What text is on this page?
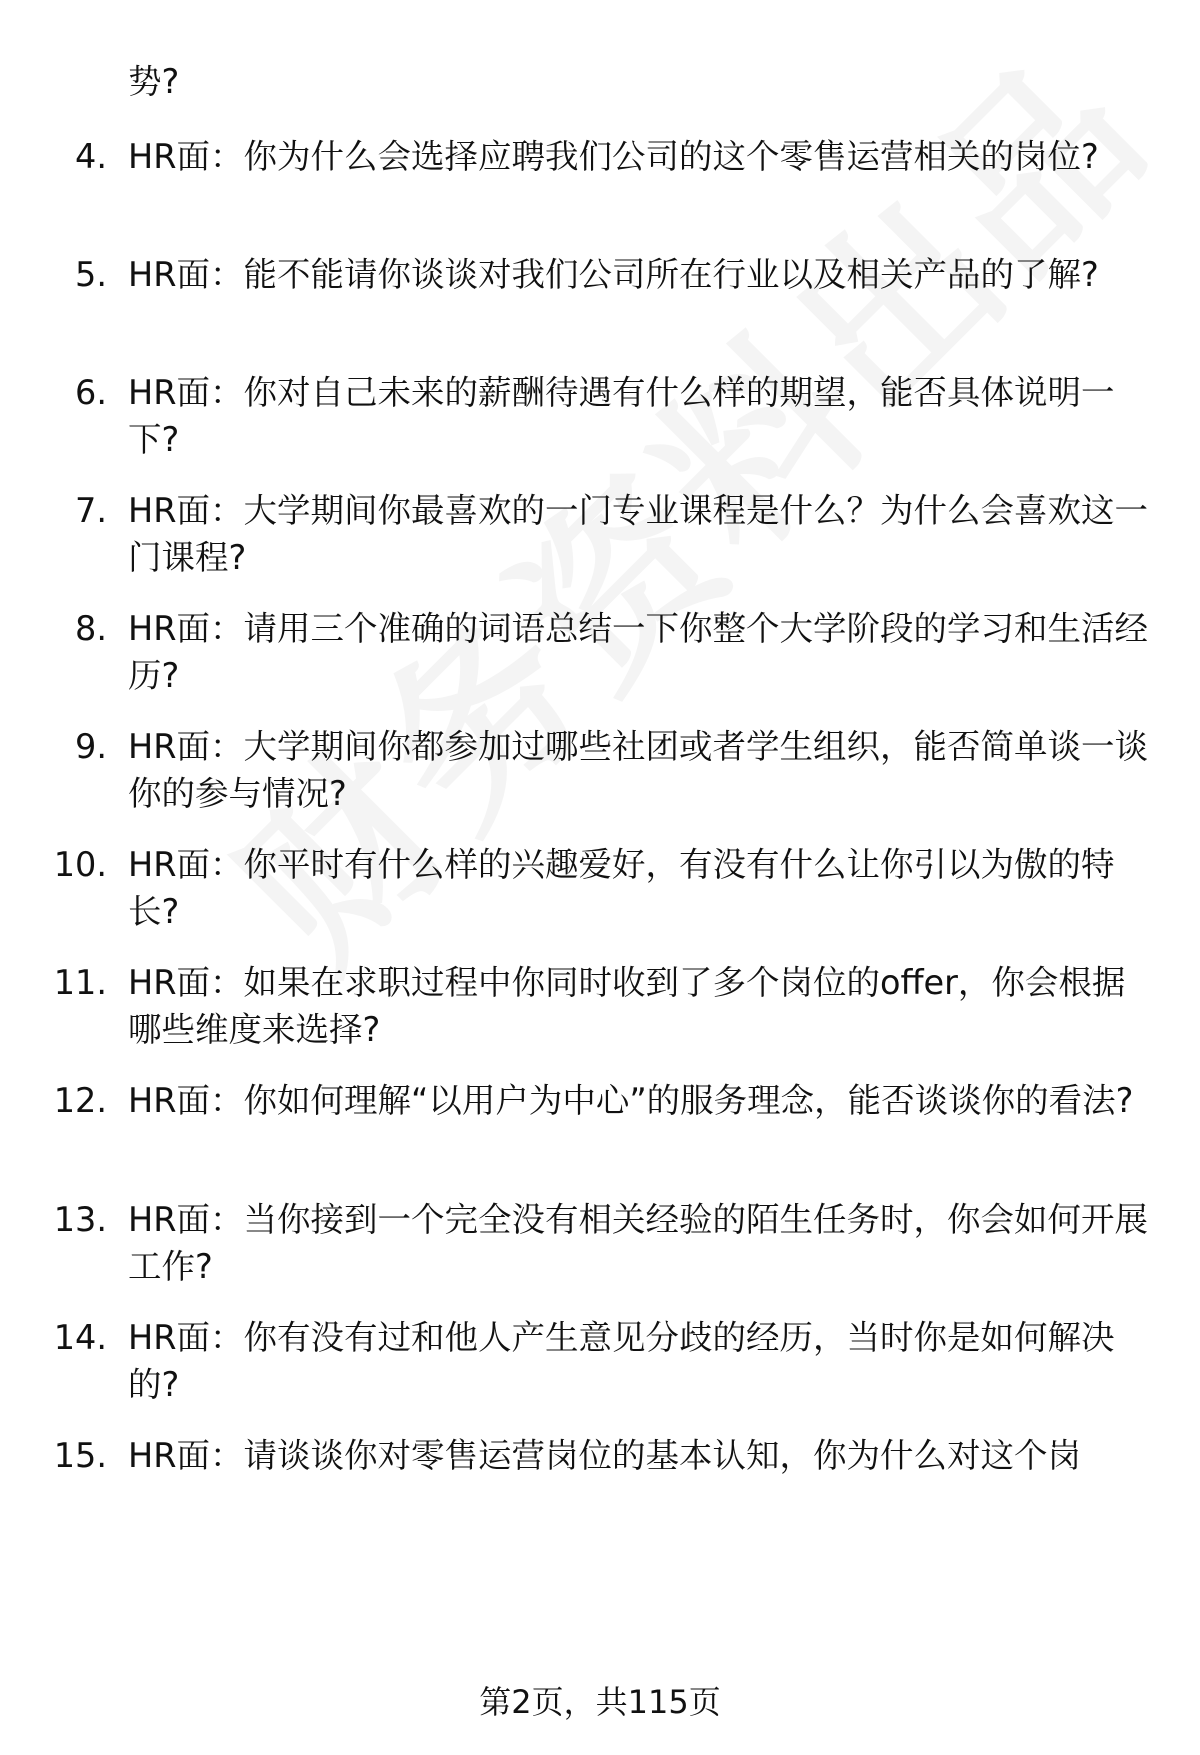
势?
4. HR面：你为什么会选择应聘我们公司的这个零售运营相关的岗位?
5. HR面：能不能请你谈谈对我们公司所在行业以及相关产品的了解?
6. HR面：你对自己未来的薪酬待遇有什么样的期望，能否具体说明一下?
7. HR面：大学期间你最喜欢的一门专业课程是什么？为什么会喜欢这一门课程?
8. HR面：请用三个准确的词语总结一下你整个大学阶段的学习和生活经历?
9. HR面：大学期间你都参加过哪些社团或者学生组织，能否简单谈一谈你的参与情况?
10. HR面：你平时有什么样的兴趣爱好，有没有什么让你引以为傲的特长?
11. HR面：如果在求职过程中你同时收到了多个岗位的offer，你会根据哪些维度来选择?
12. HR面：你如何理解“以用户为中心”的服务理念，能否谈谈你的看法?
13. HR面：当你接到一个完全没有相关经验的陌生任务时，你会如何开展工作?
14. HR面：你有没有过和他人产生意见分歧的经历，当时你是如何解决的?
15. HR面：请谈谈你对零售运营岗位的基本认知，你为什么对这个岗
第2页，共115页
